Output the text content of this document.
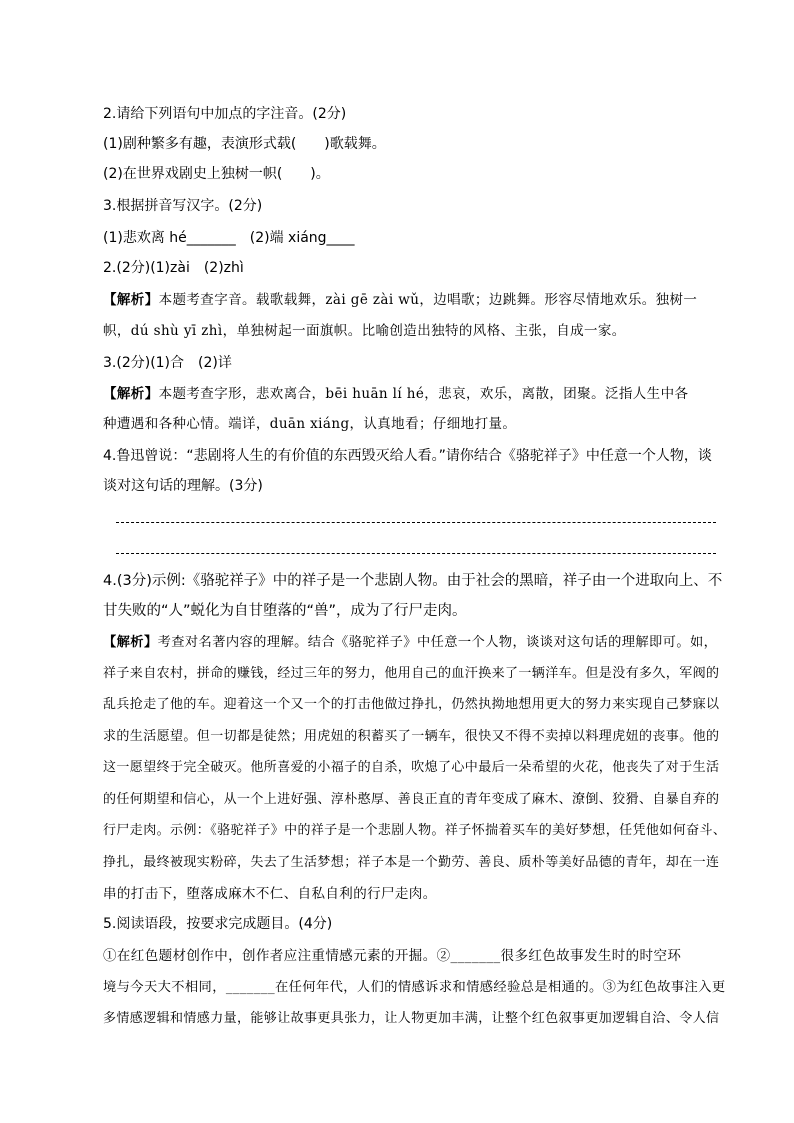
2.请给下列语句中加点的字注音。(2分)
(1)剧种繁多有趣，表演形式载(　　)歌载舞。
(2)在世界戏剧史上独树一帜(　　)。
3.根据拼音写汉字。(2分)
(1)悲欢离 hé_______　(2)端 xiáng____
2.(2分)(1)zài　(2)zhì
【解析】本题考查字音。载歌载舞，zài gē zài wǔ，边唱歌；边跳舞。形容尽情地欢乐。独树一
帜，dú shù yī zhì，单独树起一面旗帜。比喻创造出独特的风格、主张，自成一家。
3.(2分)(1)合　(2)详
【解析】本题考查字形，悲欢离合，bēi huān lí hé，悲哀，欢乐，离散，团聚。泛指人生中各
种遭遇和各种心情。端详，duān xiáng，认真地看；仔细地打量。
4.鲁迅曾说：“悲剧将人生的有价值的东西毁灭给人看。”请你结合《骆驼祥子》中任意一个人物，谈
谈对这句话的理解。(3分)
4.(3分)示例:《骆驼祥子》中的祥子是一个悲剧人物。由于社会的黑暗，祥子由一个进取向上、不
甘失败的“人”蜕化为自甘堕落的“兽”，成为了行尸走肉。
【解析】考查对名著内容的理解。结合《骆驼祥子》中任意一个人物，谈谈对这句话的理解即可。如，
祥子来自农村，拼命的赚钱，经过三年的努力，他用自己的血汗换来了一辆洋车。但是没有多久，军阀的
乱兵抢走了他的车。迎着这一个又一个的打击他做过挣扎，仍然执拗地想用更大的努力来实现自己梦寐以
求的生活愿望。但一切都是徒然；用虎妞的积蓄买了一辆车，很快又不得不卖掉以料理虎妞的丧事。他的
这一愿望终于完全破灭。他所喜爱的小福子的自杀，吹熄了心中最后一朵希望的火花，他丧失了对于生活
的任何期望和信心，从一个上进好强、淳朴憨厚、善良正直的青年变成了麻木、潦倒、狡猾、自暴自弃的
行尸走肉。示例：《骆驼祥子》中的祥子是一个悲剧人物。祥子怀揣着买车的美好梦想，任凭他如何奋斗、
挣扎，最终被现实粉碎，失去了生活梦想；祥子本是一个勤劳、善良、质朴等美好品德的青年，却在一连
串的打击下，堕落成麻木不仁、自私自利的行尸走肉。
5.阅读语段，按要求完成题目。(4分)
①在红色题材创作中，创作者应注重情感元素的开掘。②_______很多红色故事发生时的时空环
境与今天大不相同，_______在任何年代，人们的情感诉求和情感经验总是相通的。③为红色故事注入更
多情感逻辑和情感力量，能够让故事更具张力，让人物更加丰满，让整个红色叙事更加逻辑自洽、令人信
